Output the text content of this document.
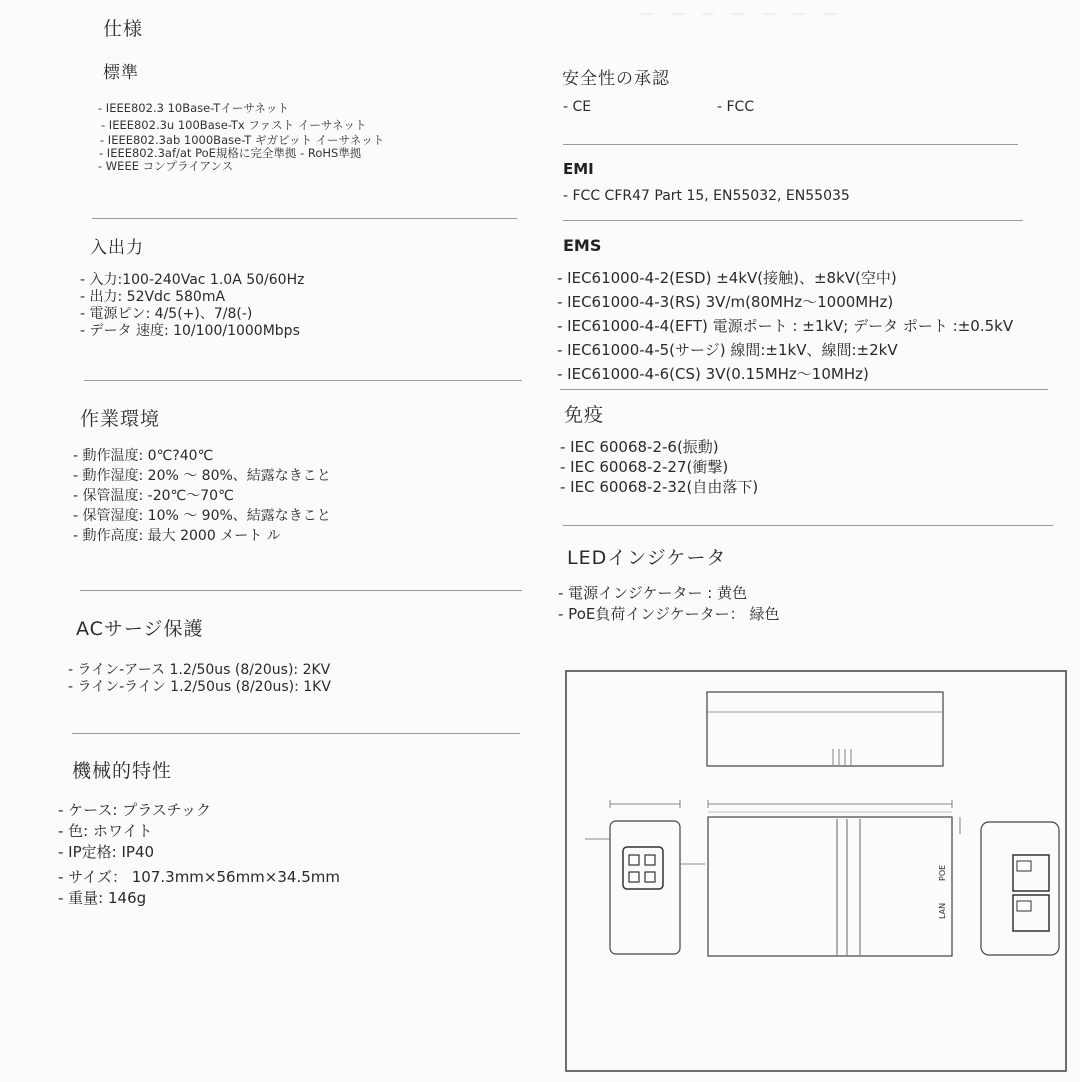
— — — — — — —
仕様
標準
- IEEE802.3 10Base-Tイーサネット
- IEEE802.3u 100Base-Tx ファスト イーサネット
- IEEE802.3ab 1000Base-T ギガビット イーサネット
- IEEE802.3af/at PoE規格に完全準拠 - RoHS準拠
- WEEE コンプライアンス
入出力
- 入力:100-240Vac 1.0A 50/60Hz
- 出力: 52Vdc 580mA
- 電源ピン: 4/5(+)、7/8(-)
- データ 速度: 10/100/1000Mbps
作業環境
- 動作温度: 0℃?40℃
- 動作湿度: 20% ～ 80%、結露なきこと
- 保管温度: -20℃～70℃
- 保管湿度: 10% ～ 90%、結露なきこと
- 動作高度: 最大 2000 メート ル
ACサージ保護
- ライン-アース 1.2/50us (8/20us): 2KV
- ライン-ライン 1.2/50us (8/20us): 1KV
機械的特性
- ケース: プラスチック
- 色: ホワイト
- IP定格: IP40
- サイズ： 107.3mm×56mm×34.5mm
- 重量: 146g
安全性の承認
- CE	- FCC
EMI
- FCC CFR47 Part 15, EN55032, EN55035
EMS
- IEC61000-4-2(ESD) ±4kV(接触)、±8kV(空中)
- IEC61000-4-3(RS) 3V/m(80MHz～1000MHz)
- IEC61000-4-4(EFT) 電源ポート : ±1kV; データ ポート :±0.5kV
- IEC61000-4-5(サージ) 線間:±1kV、線間:±2kV
- IEC61000-4-6(CS) 3V(0.15MHz～10MHz)
免疫
- IEC 60068-2-6(振動)
- IEC 60068-2-27(衝撃)
- IEC 60068-2-32(自由落下)
LEDインジケータ
- 電源インジケーター : 黄色
- PoE負荷インジケーター： 緑色
POE
LAN
